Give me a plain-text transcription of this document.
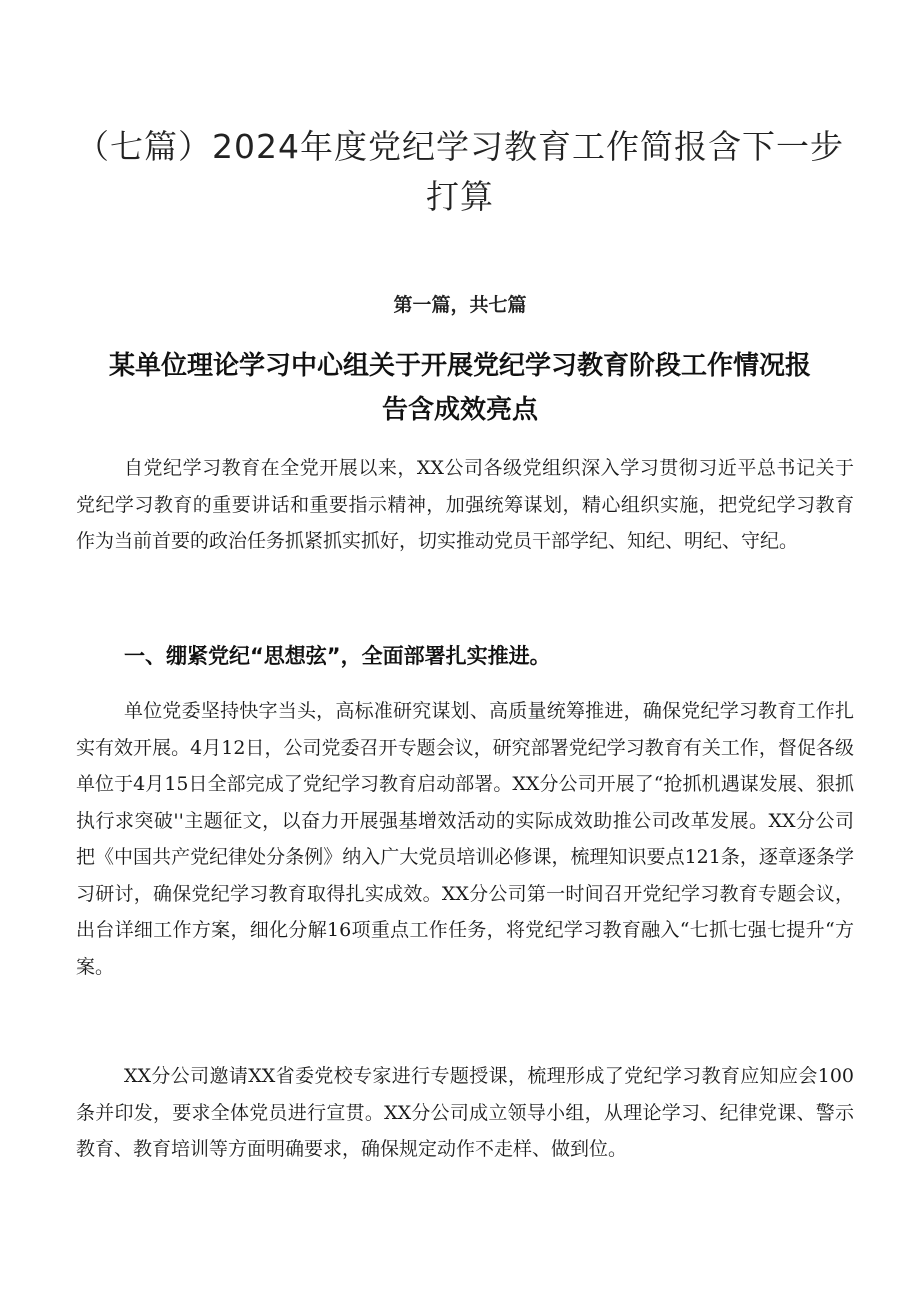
（七篇）2024年度党纪学习教育工作简报含下一步打算
第一篇，共七篇
某单位理论学习中心组关于开展党纪学习教育阶段工作情况报告含成效亮点

自党纪学习教育在全党开展以来，XX公司各级党组织深入学习贯彻习近平总书记关于党纪学习教育的重要讲话和重要指示精神，加强统筹谋划，精心组织实施，把党纪学习教育作为当前首要的政治任务抓紧抓实抓好，切实推动党员干部学纪、知纪、明纪、守纪。

一、绷紧党纪“思想弦”，全面部署扎实推进。

单位党委坚持快字当头，高标准研究谋划、高质量统筹推进，确保党纪学习教育工作扎实有效开展。4月12日，公司党委召开专题会议，研究部署党纪学习教育有关工作，督促各级单位于4月15日全部完成了党纪学习教育启动部署。XX分公司开展了“抢抓机遇谋发展、狠抓执行求突破''主题征文，以奋力开展强基增效活动的实际成效助推公司改革发展。XX分公司把《中国共产党纪律处分条例》纳入广大党员培训必修课，梳理知识要点121条，逐章逐条学习研讨，确保党纪学习教育取得扎实成效。XX分公司第一时间召开党纪学习教育专题会议，出台详细工作方案，细化分解16项重点工作任务，将党纪学习教育融入“七抓七强七提升“方案。

XX分公司邀请XX省委党校专家进行专题授课，梳理形成了党纪学习教育应知应会100条并印发，要求全体党员进行宣贯。XX分公司成立领导小组，从理论学习、纪律党课、警示教育、教育培训等方面明确要求，确保规定动作不走样、做到位。
